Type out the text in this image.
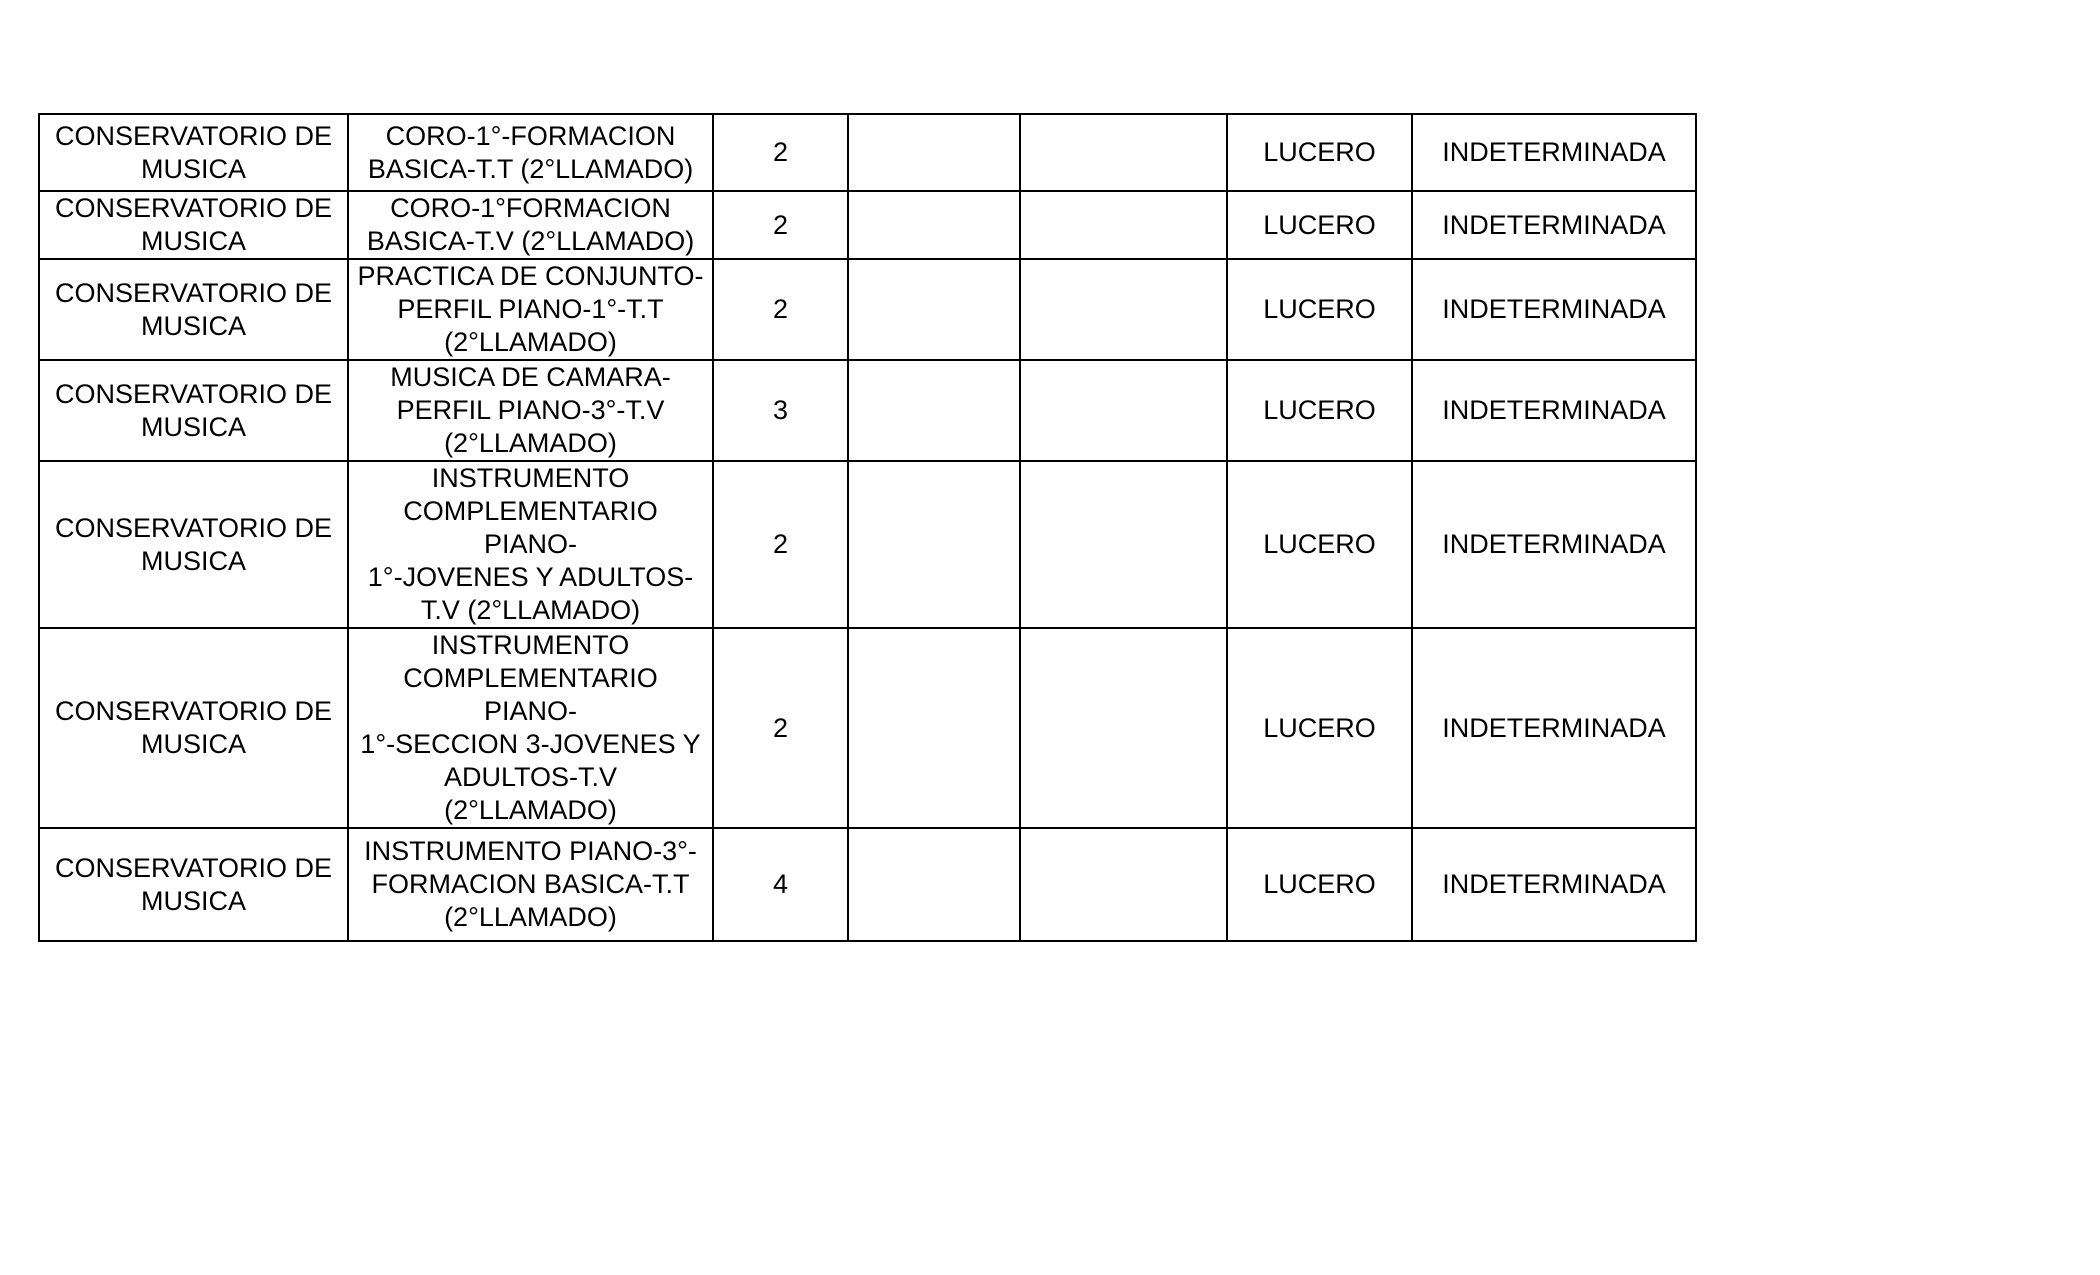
CONSERVATORIO DE
MUSICA	CORO-1°-FORMACION
BASICA-T.T (2°LLAMADO)	2			LUCERO	INDETERMINADA
CONSERVATORIO DE
MUSICA	CORO-1°FORMACION
BASICA-T.V (2°LLAMADO)	2			LUCERO	INDETERMINADA
CONSERVATORIO DE
MUSICA	PRACTICA DE CONJUNTO-
PERFIL PIANO-1°-T.T
(2°LLAMADO)	2			LUCERO	INDETERMINADA
CONSERVATORIO DE
MUSICA	MUSICA DE CAMARA-
PERFIL PIANO-3°-T.V
(2°LLAMADO)	3			LUCERO	INDETERMINADA
CONSERVATORIO DE
MUSICA	INSTRUMENTO
COMPLEMENTARIO PIANO-
1°-JOVENES Y ADULTOS-
T.V (2°LLAMADO)	2			LUCERO	INDETERMINADA
CONSERVATORIO DE
MUSICA	INSTRUMENTO
COMPLEMENTARIO PIANO-
1°-SECCION 3-JOVENES Y
ADULTOS-T.V
(2°LLAMADO)	2			LUCERO	INDETERMINADA
CONSERVATORIO DE
MUSICA	INSTRUMENTO PIANO-3°-
FORMACION BASICA-T.T
(2°LLAMADO)	4			LUCERO	INDETERMINADA
